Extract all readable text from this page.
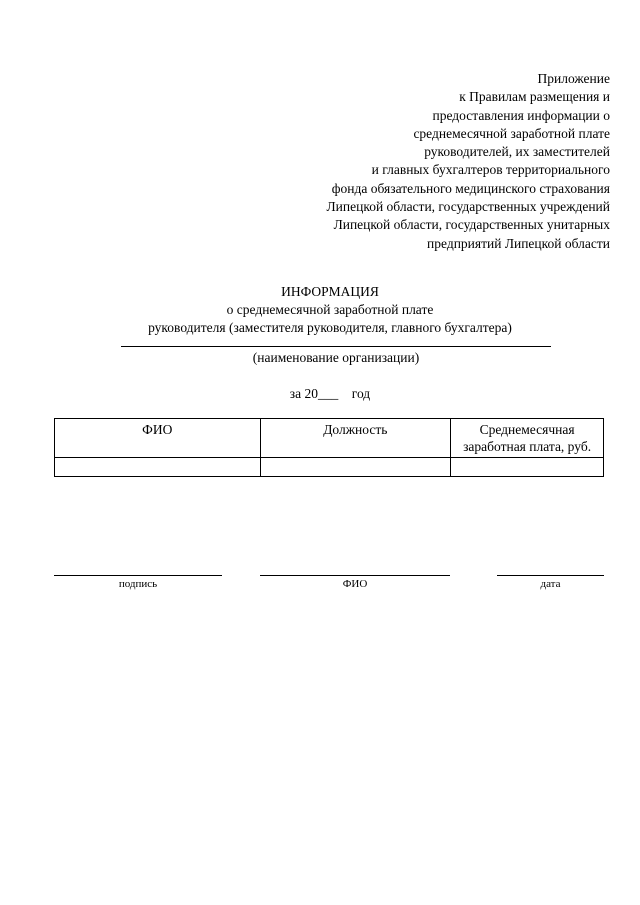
Приложение
к Правилам размещения и
предоставления информации о
среднемесячной заработной плате
руководителей, их заместителей
и главных бухгалтеров территориального
фонда обязательного медицинского страхования
Липецкой области, государственных учреждений
Липецкой области, государственных унитарных
предприятий Липецкой области
ИНФОРМАЦИЯ
о среднемесячной заработной плате
руководителя (заместителя руководителя, главного бухгалтера)
(наименование организации)
за 20___    год
ФИО	Должность	Среднемесячная заработная плата, руб.

подпись	ФИО	дата
